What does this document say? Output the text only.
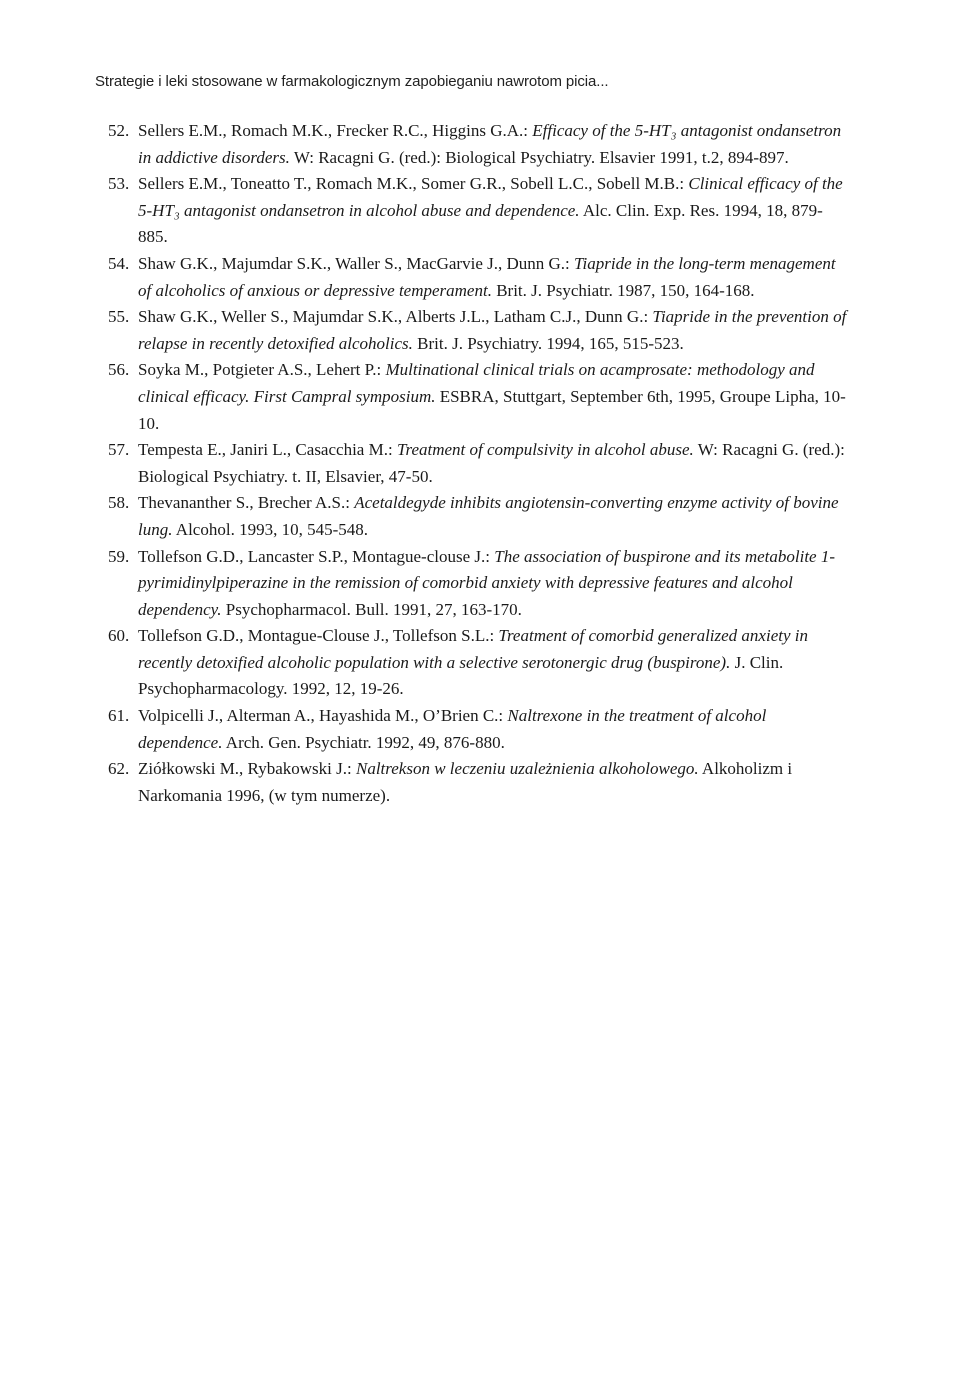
Strategie i leki stosowane w farmakologicznym zapobieganiu nawrotom picia...
52. Sellers E.M., Romach M.K., Frecker R.C., Higgins G.A.: Efficacy of the 5-HT₃ antagonist ondansetron in addictive disorders. W: Racagni G. (red.): Biological Psychiatry. Elsavier 1991, t.2, 894-897.
53. Sellers E.M., Toneatto T., Romach M.K., Somer G.R., Sobell L.C., Sobell M.B.: Clinical efficacy of the 5-HT₃ antagonist ondansetron in alcohol abuse and dependence. Alc. Clin. Exp. Res. 1994, 18, 879-885.
54. Shaw G.K., Majumdar S.K., Waller S., MacGarvie J., Dunn G.: Tiapride in the long-term menagement of alcoholics of anxious or depressive temperament. Brit. J. Psychiatr. 1987, 150, 164-168.
55. Shaw G.K., Weller S., Majumdar S.K., Alberts J.L., Latham C.J., Dunn G.: Tiapride in the prevention of relapse in recently detoxified alcoholics. Brit. J. Psychiatry. 1994, 165, 515-523.
56. Soyka M., Potgieter A.S., Lehert P.: Multinational clinical trials on acamprosate: methodology and clinical efficacy. First Campral symposium. ESBRA, Stuttgart, September 6th, 1995, Groupe Lipha, 10-10.
57. Tempesta E., Janiri L., Casacchia M.: Treatment of compulsivity in alcohol abuse. W: Racagni G. (red.): Biological Psychiatry. t. II, Elsavier, 47-50.
58. Thevananther S., Brecher A.S.: Acetaldegyde inhibits angiotensin-converting enzyme activity of bovine lung. Alcohol. 1993, 10, 545-548.
59. Tollefson G.D., Lancaster S.P., Montague-clouse J.: The association of buspirone and its metabolite 1- pyrimidinylpiperazine in the remission of comorbid anxiety with depressive features and alcohol dependency. Psychopharmacol. Bull. 1991, 27, 163-170.
60. Tollefson G.D., Montague-Clouse J., Tollefson S.L.: Treatment of comorbid generalized anxiety in recently detoxified alcoholic population with a selective serotonergic drug (buspirone). J. Clin. Psychopharmacology. 1992, 12, 19-26.
61. Volpicelli J., Alterman A., Hayashida M., O’Brien C.: Naltrexone in the treatment of alcohol dependence. Arch. Gen. Psychiatr. 1992, 49, 876-880.
62. Ziółkowski M., Rybakowski J.: Naltrekson w leczeniu uzależnienia alkoholowego. Alkoholizm i Narkomania 1996, (w tym numerze).
